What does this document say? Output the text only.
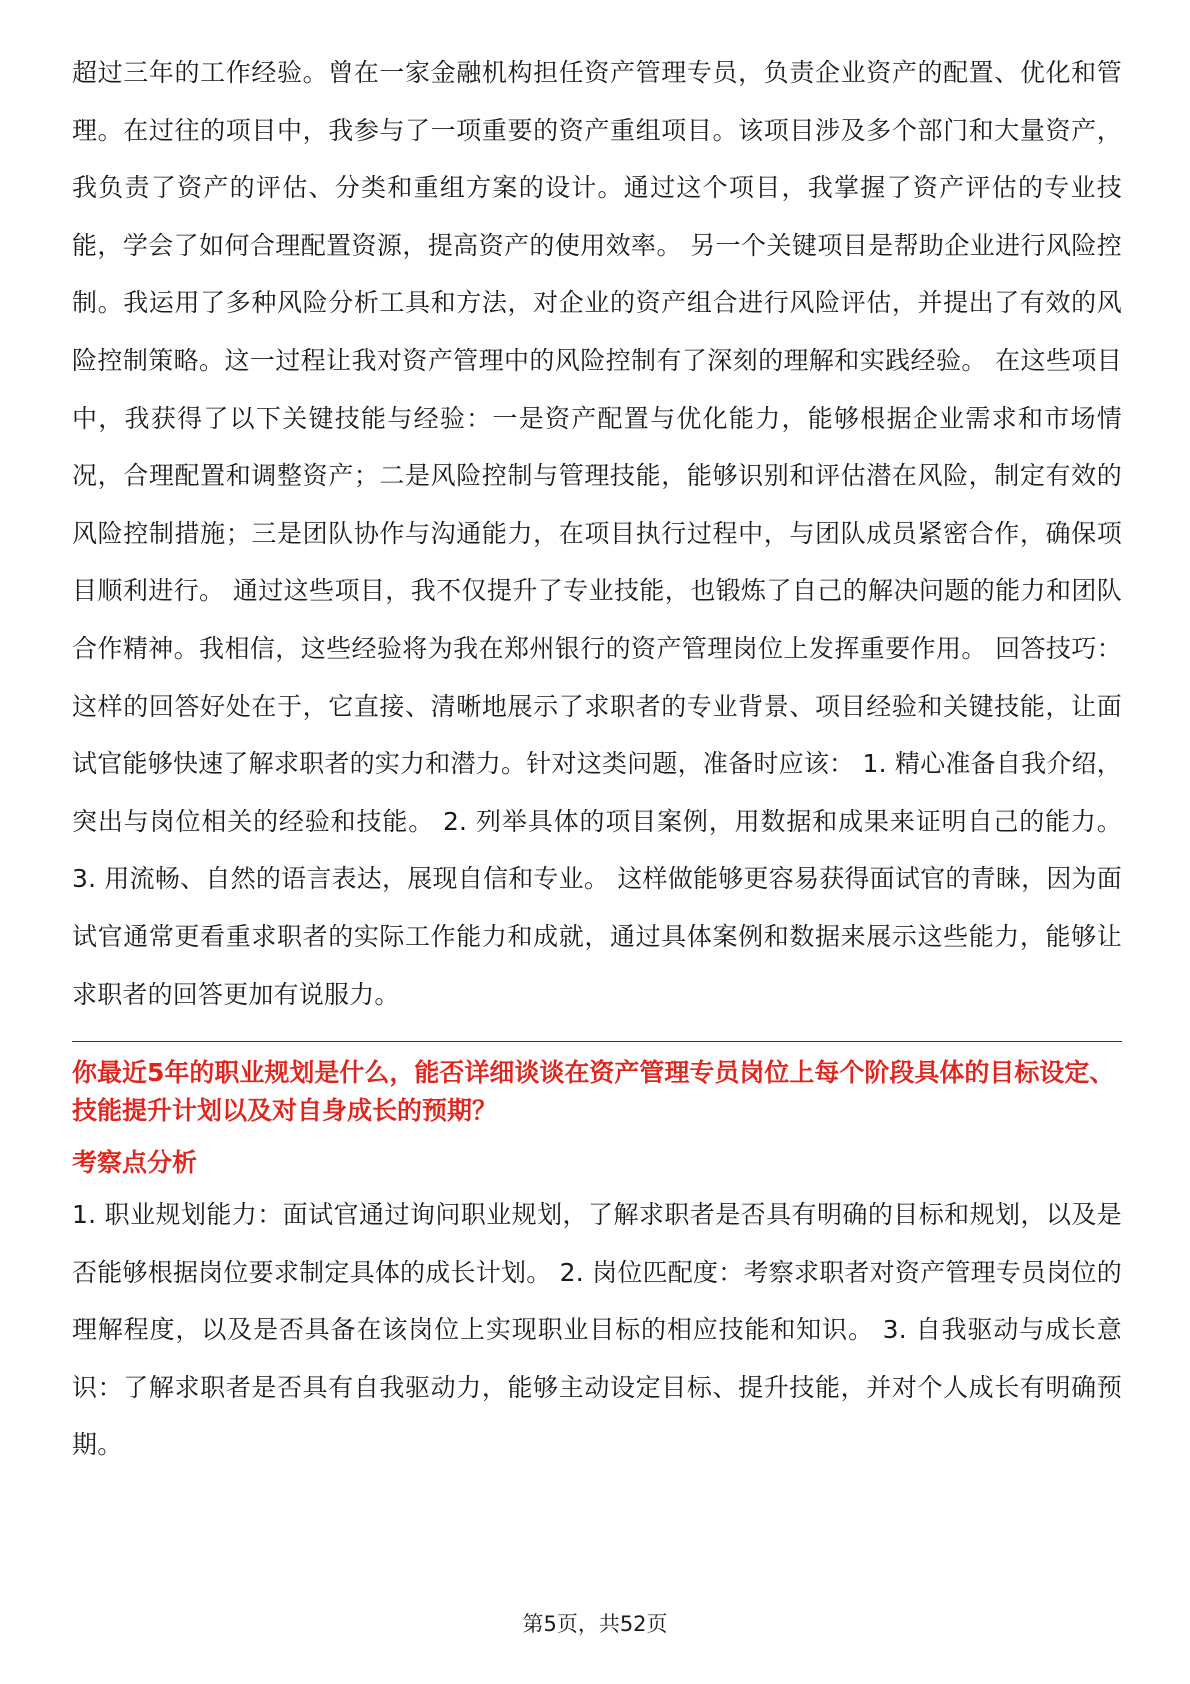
超过三年的工作经验。曾在一家金融机构担任资产管理专员，负责企业资产的配置、优化和管理。在过往的项目中，我参与了一项重要的资产重组项目。该项目涉及多个部门和大量资产，我负责了资产的评估、分类和重组方案的设计。通过这个项目，我掌握了资产评估的专业技能，学会了如何合理配置资源，提高资产的使用效率。 另一个关键项目是帮助企业进行风险控制。我运用了多种风险分析工具和方法，对企业的资产组合进行风险评估，并提出了有效的风险控制策略。这一过程让我对资产管理中的风险控制有了深刻的理解和实践经验。 在这些项目中，我获得了以下关键技能与经验：一是资产配置与优化能力，能够根据企业需求和市场情况，合理配置和调整资产；二是风险控制与管理技能，能够识别和评估潜在风险，制定有效的风险控制措施；三是团队协作与沟通能力，在项目执行过程中，与团队成员紧密合作，确保项目顺利进行。 通过这些项目，我不仅提升了专业技能，也锻炼了自己的解决问题的能力和团队合作精神。我相信，这些经验将为我在郑州银行的资产管理岗位上发挥重要作用。 回答技巧： 这样的回答好处在于，它直接、清晰地展示了求职者的专业背景、项目经验和关键技能，让面试官能够快速了解求职者的实力和潜力。针对这类问题，准备时应该： 1. 精心准备自我介绍，突出与岗位相关的经验和技能。 2. 列举具体的项目案例，用数据和成果来证明自己的能力。 3. 用流畅、自然的语言表达，展现自信和专业。 这样做能够更容易获得面试官的青睐，因为面试官通常更看重求职者的实际工作能力和成就，通过具体案例和数据来展示这些能力，能够让求职者的回答更加有说服力。

你最近5年的职业规划是什么，能否详细谈谈在资产管理专员岗位上每个阶段具体的目标设定、技能提升计划以及对自身成长的预期？

考察点分析

1. 职业规划能力：面试官通过询问职业规划，了解求职者是否具有明确的目标和规划，以及是否能够根据岗位要求制定具体的成长计划。 2. 岗位匹配度：考察求职者对资产管理专员岗位的理解程度，以及是否具备在该岗位上实现职业目标的相应技能和知识。 3. 自我驱动与成长意识：了解求职者是否具有自我驱动力，能够主动设定目标、提升技能，并对个人成长有明确预期。

第5页，共52页
